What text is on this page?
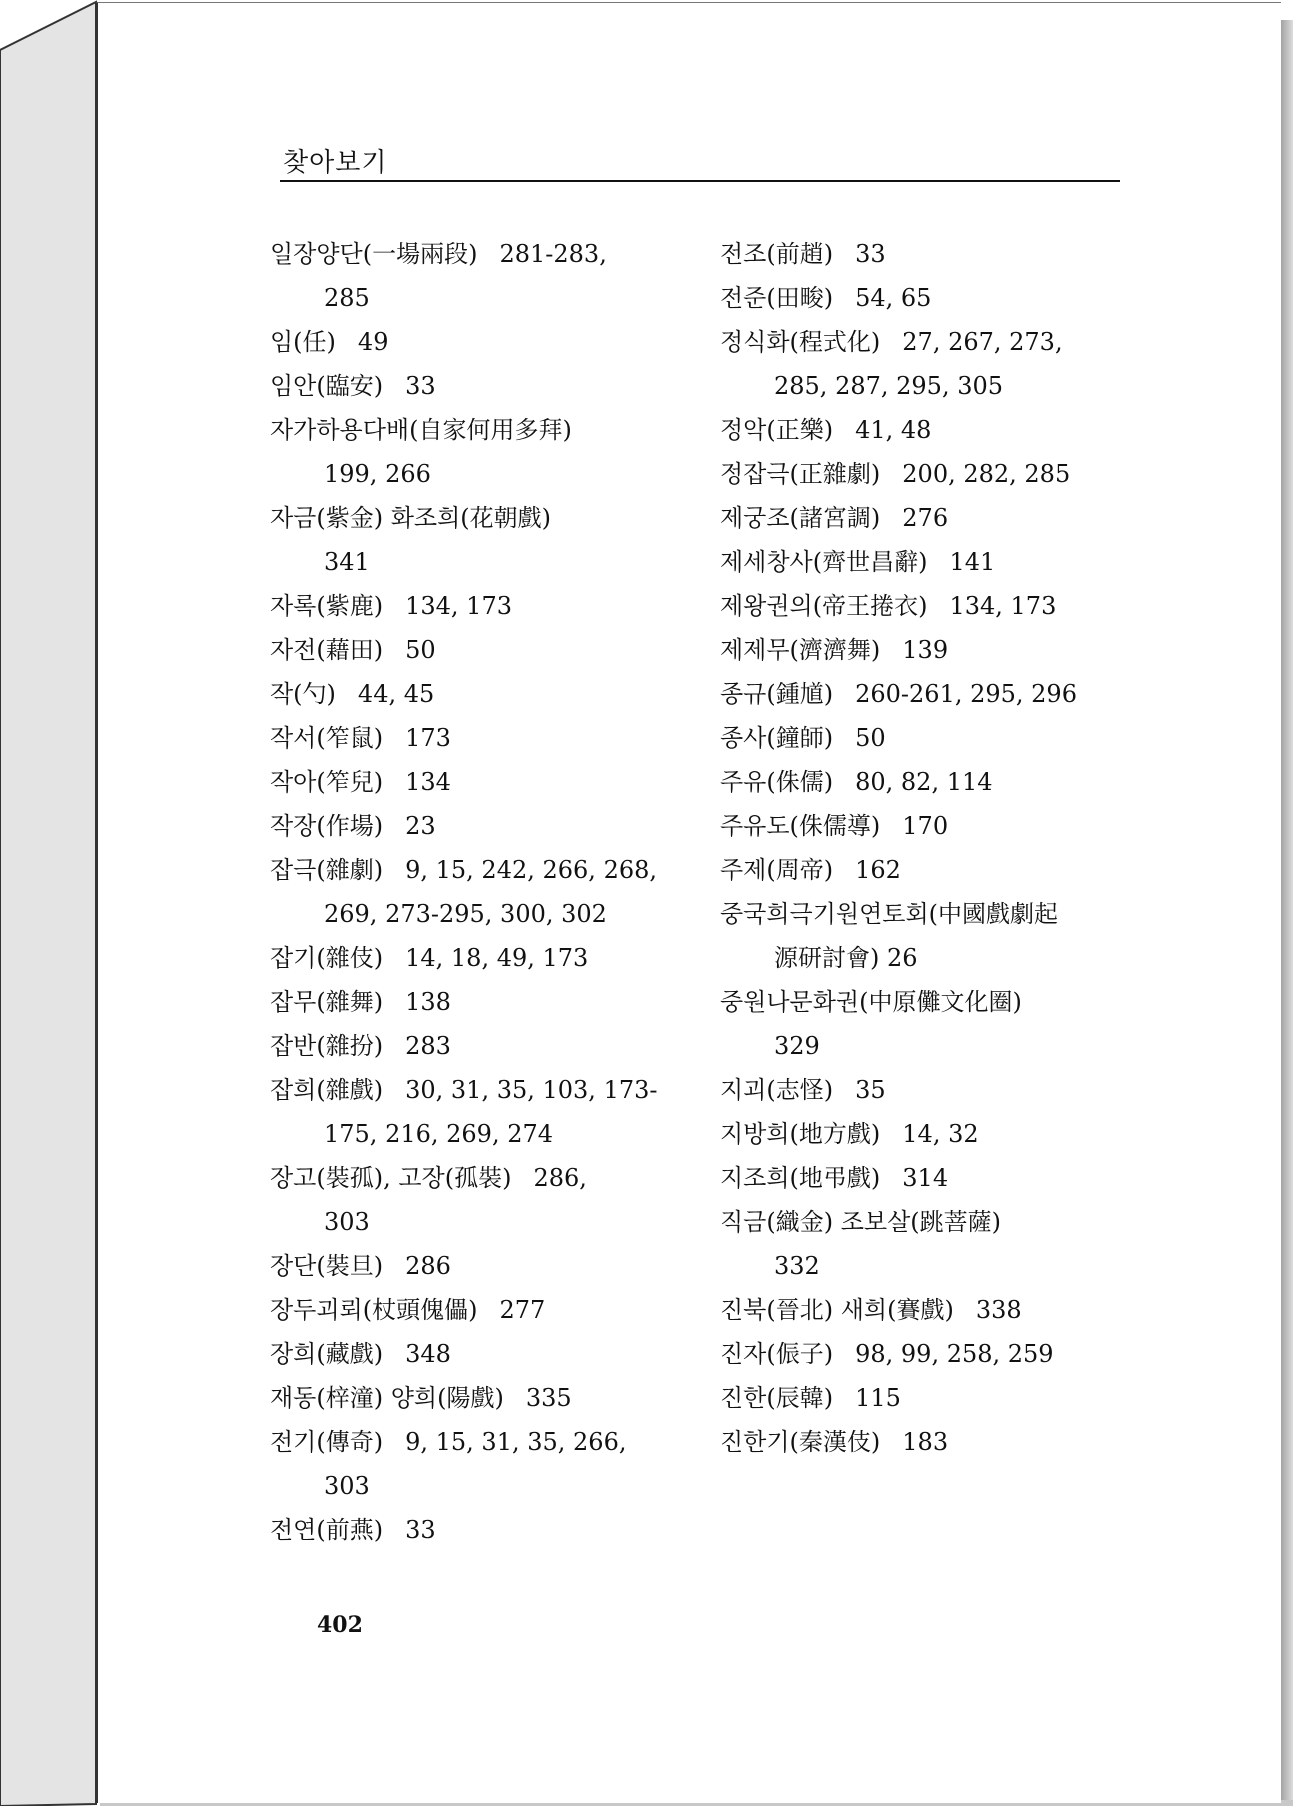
찾아보기
일장양단(一場兩段) 281-283,
285
임(任) 49
임안(臨安) 33
자가하용다배(自家何用多拜)
199, 266
자금(紫金) 화조희(花朝戲)
341
자록(紫鹿) 134, 173
자전(藉田) 50
작(勺) 44, 45
작서(笮鼠) 173
작아(笮兒) 134
작장(作場) 23
잡극(雜劇) 9, 15, 242, 266, 268,
269, 273-295, 300, 302
잡기(雜伎) 14, 18, 49, 173
잡무(雜舞) 138
잡반(雜扮) 283
잡희(雜戲) 30, 31, 35, 103, 173-
175, 216, 269, 274
장고(裝孤), 고장(孤裝) 286,
303
장단(裝旦) 286
장두괴뢰(杖頭傀儡) 277
장희(藏戲) 348
재동(梓潼) 양희(陽戲) 335
전기(傳奇) 9, 15, 31, 35, 266,
303
전연(前燕) 33
전조(前趙) 33
전준(田畯) 54, 65
정식화(程式化) 27, 267, 273,
285, 287, 295, 305
정악(正樂) 41, 48
정잡극(正雜劇) 200, 282, 285
제궁조(諸宮調) 276
제세창사(齊世昌辭) 141
제왕권의(帝王捲衣) 134, 173
제제무(濟濟舞) 139
종규(鍾馗) 260-261, 295, 296
종사(鐘師) 50
주유(侏儒) 80, 82, 114
주유도(侏儒導) 170
주제(周帝) 162
중국희극기원연토회(中國戲劇起
源研討會) 26
중원나문화권(中原儺文化圈)
329
지괴(志怪) 35
지방희(地方戲) 14, 32
지조희(地弔戲) 314
직금(織金) 조보살(跳菩薩)
332
진북(晉北) 새희(賽戲) 338
진자(侲子) 98, 99, 258, 259
진한(辰韓) 115
진한기(秦漢伎) 183
402
